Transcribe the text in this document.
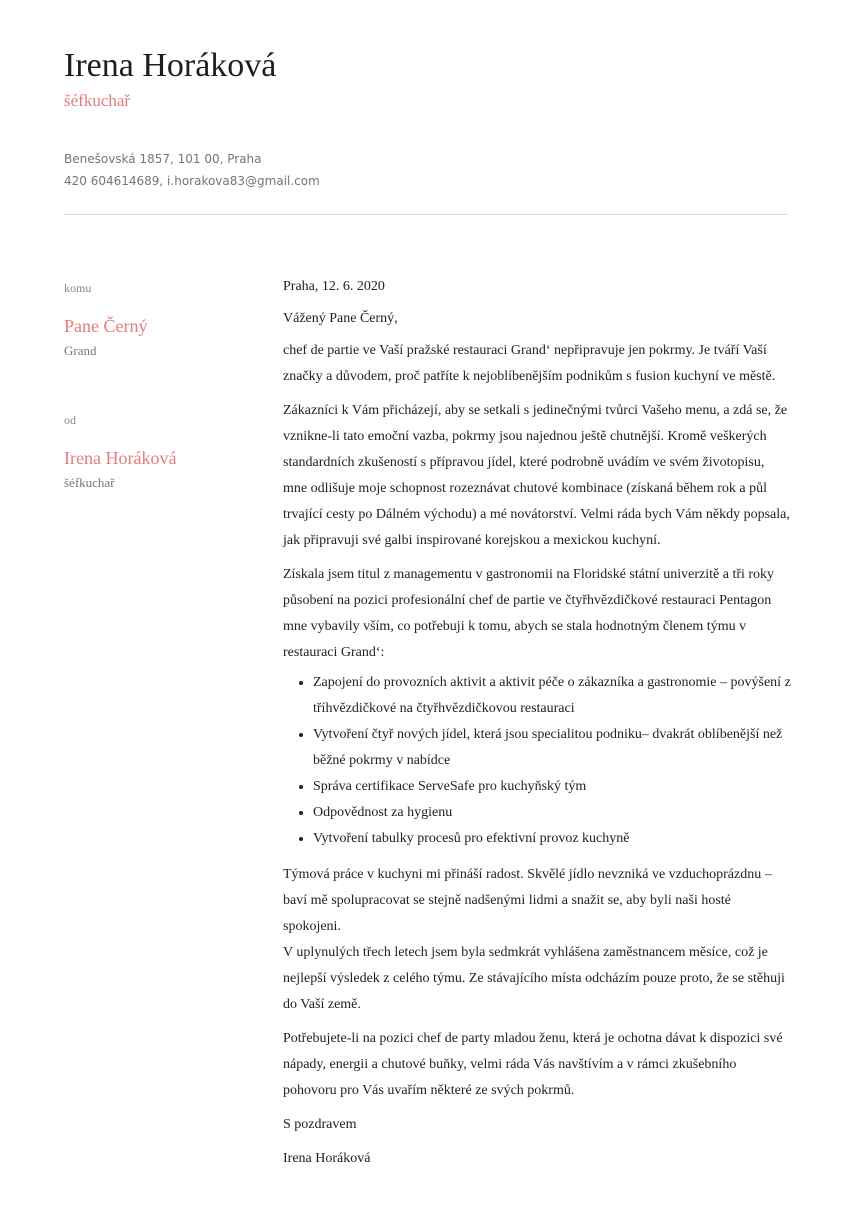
Irena Horáková
šéfkuchař
Benešovská 1857, 101 00, Praha
420 604614689, i.horakova83@gmail.com
komu
Pane Černý
Grand
od
Irena Horáková
šéfkuchař

Praha, 12. 6. 2020

Vážený Pane Černý,

chef de partie ve Vaší pražské restauraci Grand‘ nepřipravuje jen pokrmy. Je tváří Vaší značky a důvodem, proč patříte k nejoblíbenějším podnikům s fusion kuchyní ve městě.

Zákazníci k Vám přicházejí, aby se setkali s jedinečnými tvůrci Vašeho menu, a zdá se, že vznikne-li tato emoční vazba, pokrmy jsou najednou ještě chutnější. Kromě veškerých standardních zkušeností s přípravou jídel, které podrobně uvádím ve svém životopisu, mne odlišuje moje schopnost rozeznávat chutové kombinace (získaná během rok a půl trvající cesty po Dálném východu) a mé novátorství. Velmi ráda bych Vám někdy popsala, jak připravuji své galbi inspirované korejskou a mexickou kuchyní.

Získala jsem titul z managementu v gastronomii na Floridské státní univerzitě a tři roky působení na pozici profesionální chef de partie ve čtyřhvězdičkové restauraci Pentagon mne vybavily vším, co potřebuji k tomu, abych se stala hodnotným členem týmu v restauraci Grand‘:

• Zapojení do provozních aktivit a aktivit péče o zákazníka a gastronomie – povýšení z tříhvězdičkové na čtyřhvězdičkovou restauraci
• Vytvoření čtyř nových jídel, která jsou specialitou podniku– dvakrát oblíbenější než běžné pokrmy v nabídce
• Správa certifikace ServeSafe pro kuchyňský tým
• Odpovědnost za hygienu
• Vytvoření tabulky procesů pro efektivní provoz kuchyně

Týmová práce v kuchyni mi přináší radost. Skvělé jídlo nevzniká ve vzduchoprázdnu – baví mě spolupracovat se stejně nadšenými lidmi a snažit se, aby byli naši hosté spokojeni.

V uplynulých třech letech jsem byla sedmkrát vyhlášena zaměstnancem měsíce, což je nejlepší výsledek z celého týmu. Ze stávajícího místa odcházím pouze proto, že se stěhuji do Vaší země.

Potřebujete-li na pozici chef de party mladou ženu, která je ochotna dávat k dispozici své nápady, energii a chutové buňky, velmi ráda Vás navštívím a v rámci zkušebního pohovoru pro Vás uvařím některé ze svých pokrmů.

S pozdravem

Irena Horáková
